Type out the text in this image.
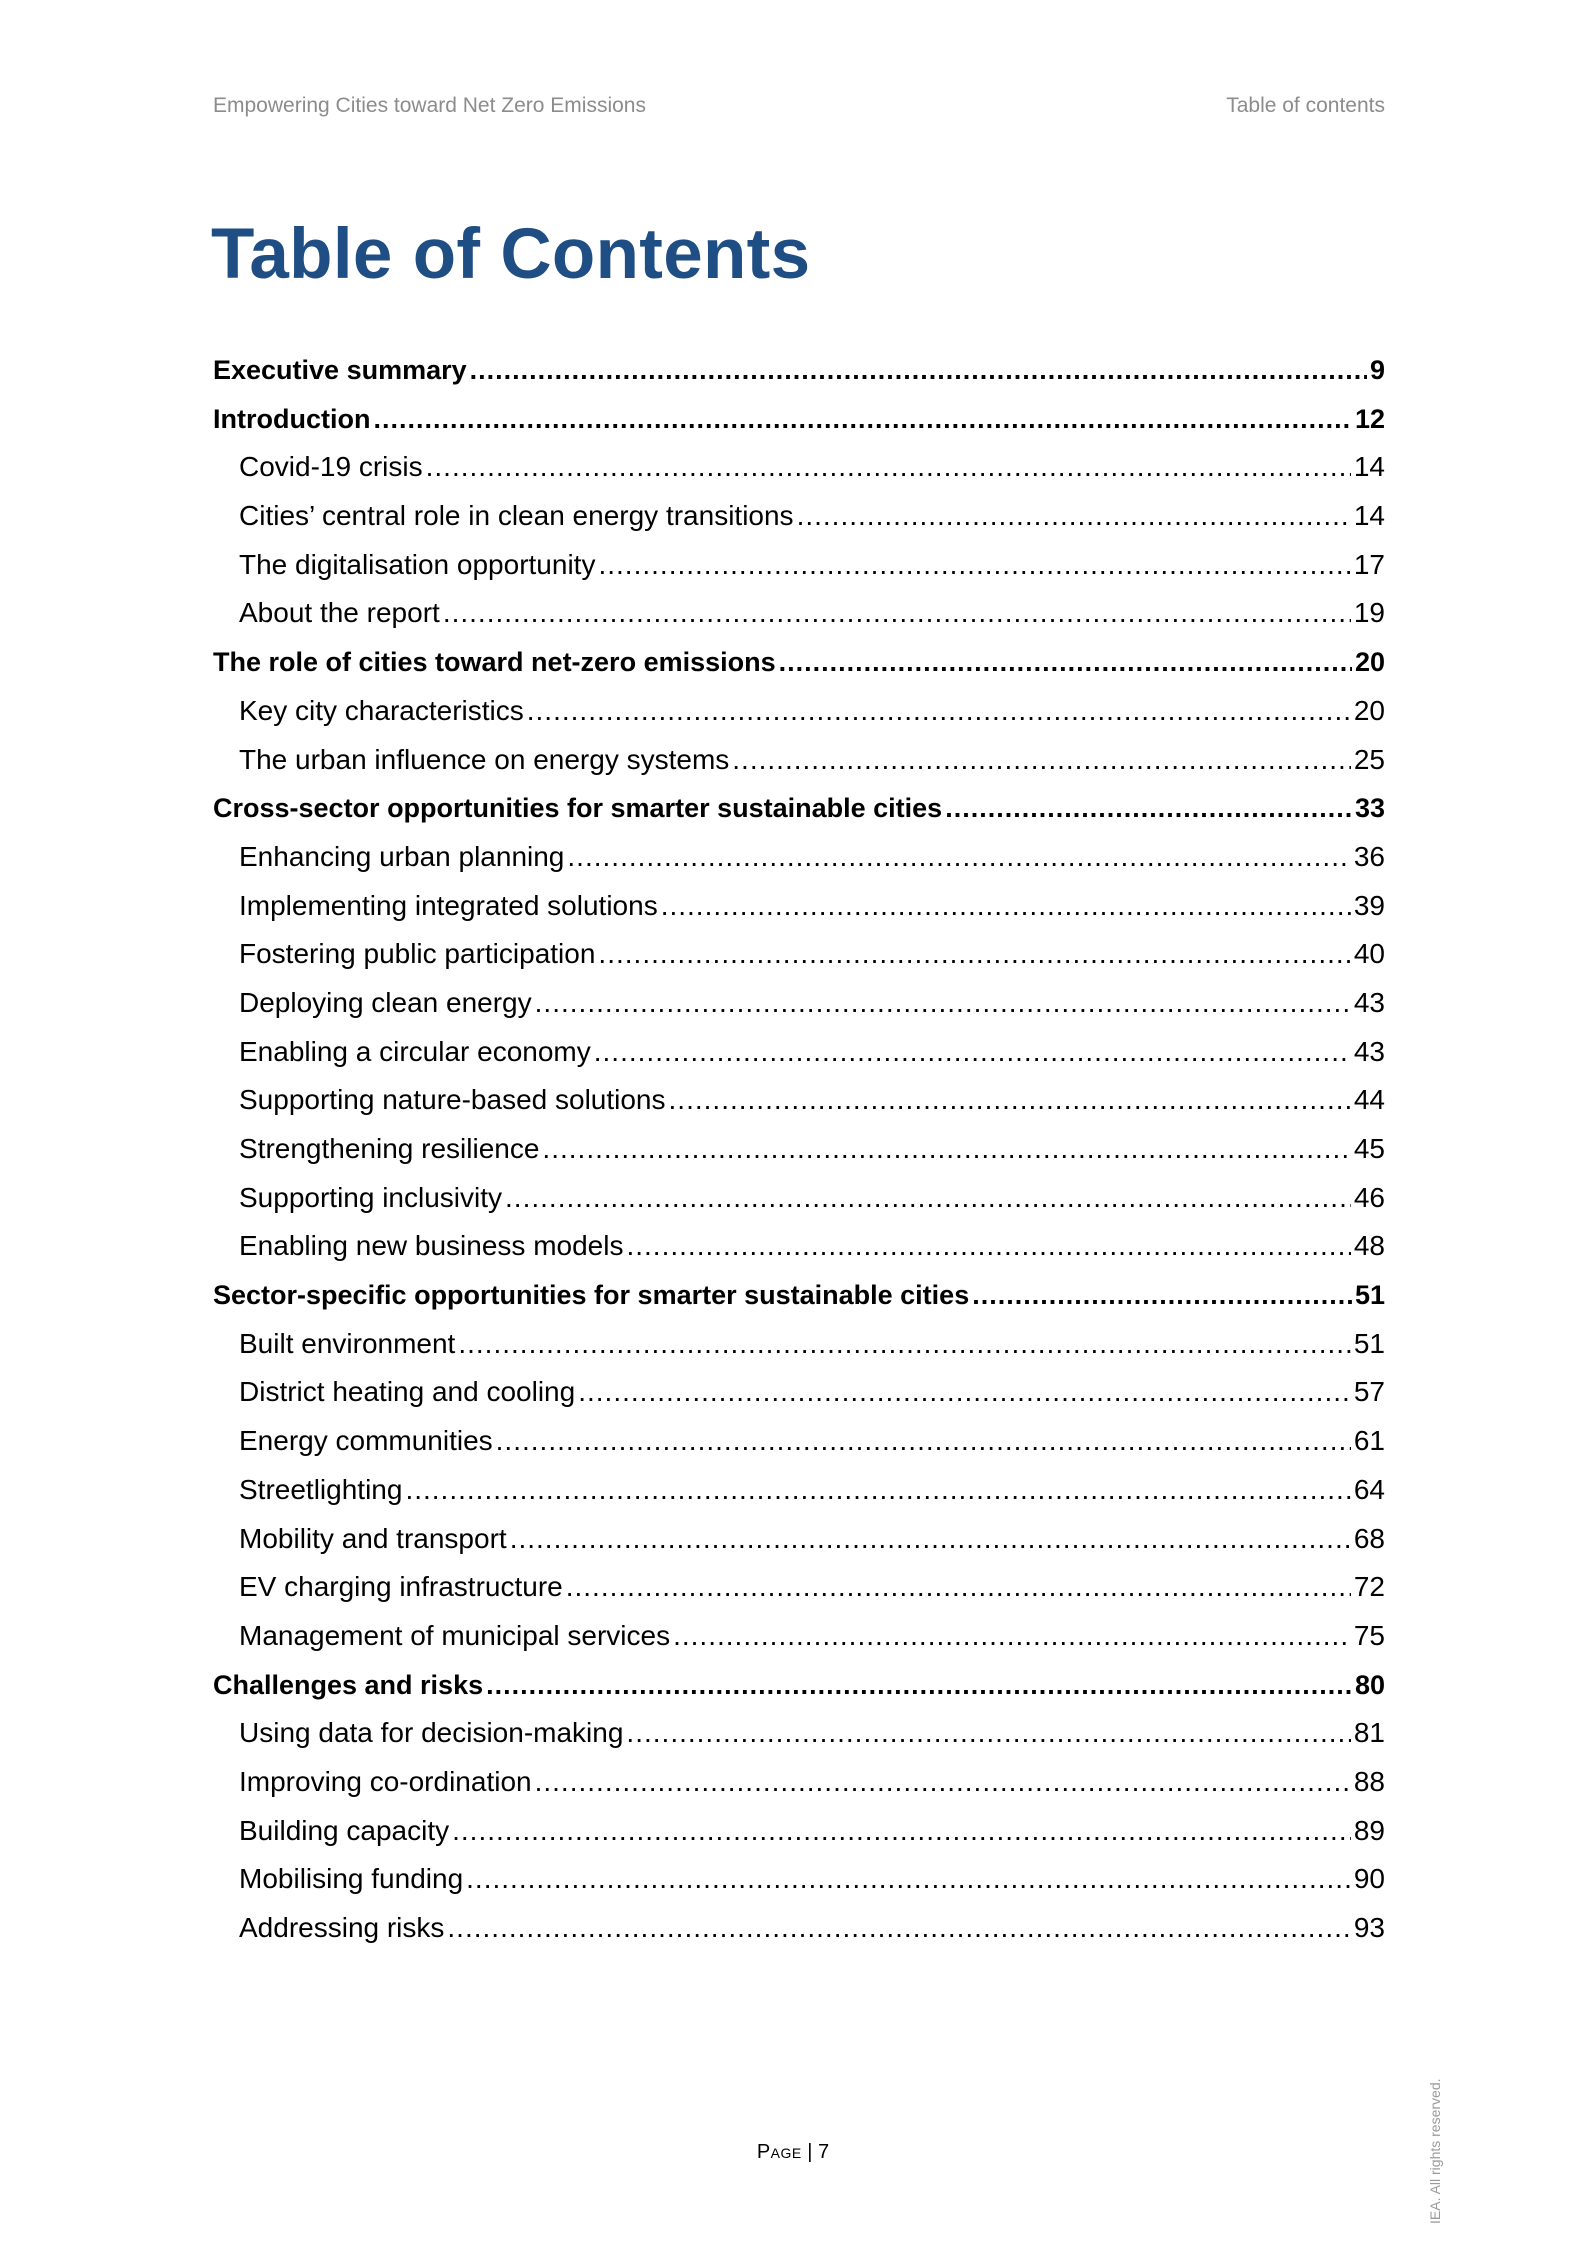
Empowering Cities toward Net Zero Emissions	Table of contents
Table of Contents
Executive summary .....	9
Introduction .....	12
Covid-19 crisis .....	14
Cities’ central role in clean energy transitions .....	14
The digitalisation opportunity .....	17
About the report .....	19
The role of cities toward net-zero emissions .....	20
Key city characteristics .....	20
The urban influence on energy systems .....	25
Cross-sector opportunities for smarter sustainable cities .....	33
Enhancing urban planning .....	36
Implementing integrated solutions .....	39
Fostering public participation .....	40
Deploying clean energy .....	43
Enabling a circular economy .....	43
Supporting nature-based solutions .....	44
Strengthening resilience .....	45
Supporting inclusivity .....	46
Enabling new business models .....	48
Sector-specific opportunities for smarter sustainable cities .....	51
Built environment .....	51
District heating and cooling .....	57
Energy communities .....	61
Streetlighting .....	64
Mobility and transport .....	68
EV charging infrastructure .....	72
Management of municipal services .....	75
Challenges and risks .....	80
Using data for decision-making .....	81
Improving co-ordination .....	88
Building capacity .....	89
Mobilising funding .....	90
Addressing risks .....	93
Page | 7	IEA. All rights reserved.
